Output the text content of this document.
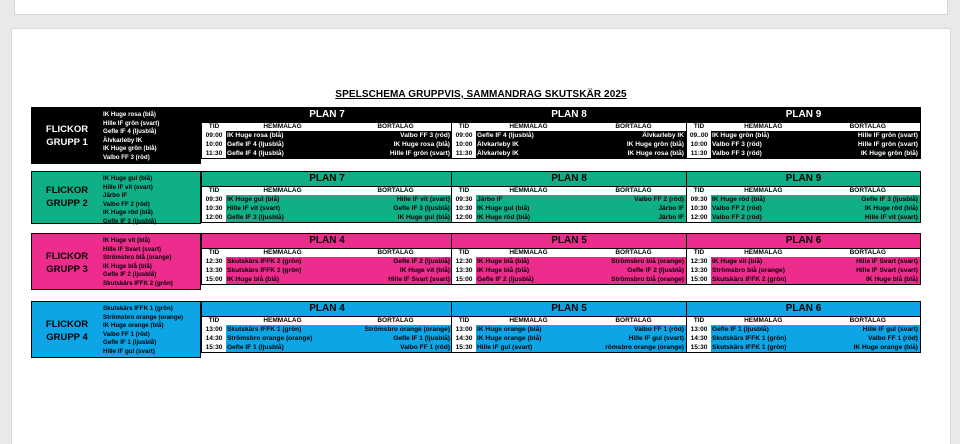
SPELSCHEMA GRUPPVIS, SAMMANDRAG SKUTSKÄR 2025
FLICKOR
GRUPP 1
IK Huge rosa (blå)
Hille IF grön (svart)
Gefle IF 4 (ljusblå)
Älvkarleby IK
IK Huge grön (blå)
Valbo FF 3 (röd)
PLAN 7
TID	HEMMALAG	BORTALAG
09:00 IK Huge rosa (blå)	Valbo FF 3 (röd)
10:00 Gefle IF 4 (ljusblå)	IK Huge rosa (blå)
11:30 Gefle IF 4 (ljusblå)	Hille IF grön (svart)
PLAN 8
TID	HEMMALAG	BORTALAG
09:00 Gefle IF 4 (ljusblå)	Älvkarleby IK
10:00 Älvkarleby IK	IK Huge grön (blå)
11:30 Älvkarleby IK	IK Huge rosa (blå)
PLAN 9
TID	HEMMALAG	BORTALAG
09..00 IK Huge grön (blå)	Hille IF grön (svart)
10:00 Valbo FF 3 (röd)	Hille IF grön (svart)
11:30 Valbo FF 3 (röd)	IK Huge grön (blå)
FLICKOR
GRUPP 2
IK Huge gul (blå)
Hille IF vit (svart)
Järbo IF
Valbo FF 2 (röd)
IK Huge röd (blå)
Gefle IF 3 (ljusblå)
PLAN 7
TID	HEMMALAG	BORTALAG
09:30 IK Huge gul (blå)	Hille IF vit (svart)
10:30 Hille IF vit (svart)	Gefle IF 3 (ljusblå)
12:00 Gefle IF 3 (ljusblå)	IK Huge gul (blå)
PLAN 8
TID	HEMMALAG	BORTALAG
09:30 Järbo IF	Valbo FF 2 (röd)
10:30 IK Huge gul (blå)	Järbo IF
12:00 IK Huge röd (blå)	Järbo IF
PLAN 9
TID	HEMMALAG	BORTALAG
09:30 IK Huge röd (blå)	Gefle IF 3 (ljusblå)
10:30 Valbo FF 2 (röd)	IK Huge röd (blå)
12:00 Valbo FF 2 (röd)	Hille IF vit (svart)
FLICKOR
GRUPP 3
IK Huge vit (blå)
Hille IF Svart (svart)
Strömsbro blå (orange)
IK Huge blå (blå)
Gefle IF 2 (ljusblå)
Skutskärs IFFK 2 (grön)
PLAN 4
TID	HEMMALAG	BORTALAG
12:30 Skutskärs IFFK 2 (grön)	Gefle IF 2 (ljusblå)
13:30 Skutskärs IFFK 2 (grön)	IK Huge vit (blå)
15:00 IK Huge blå (blå)	Hille IF Svart (svart)
PLAN 5
TID	HEMMALAG	BORTALAG
12:30 IK Huge blå (blå)	Strömsbro blå (orange)
13:30 IK Huge blå (blå)	Gefle IF 2 (ljusblå)
15:00 Gefle IF 2 (ljusblå)	Strömsbro blå (orange)
PLAN 6
TID	HEMMALAG	BORTALAG
12:30 IK Huge vit (blå)	Hille IF Svart (svart)
13:30 Strömsbro blå (orange)	Hille IF Svart (svart)
15:00 Skutskärs IFFK 2 (grön)	IK Huge blå (blå)
FLICKOR
GRUPP 4
Skutskärs IFFK 1 (grön)
Strömsbro orange (orange)
IK Huge orange (blå)
Valbo FF 1 (röd)
Gefle IF 1 (ljusblå)
Hille IF gul (svart)
PLAN 4
TID	HEMMALAG	BORTALAG
13:00 Skutskärs IFFK 1 (grön)	Strömsbro orange (orange)
14:30 Strömsbro orange (orange)	Gefle IF 1 (ljusblå)
15:30 Gefle IF 1 (ljusblå)	Valbo FF 1 (röd)
PLAN 5
TID	HEMMALAG	BORTALAG
13:00 IK Huge orange (blå)	Valbo FF 1 (röd)
14:30 IK Huge orange (blå)	Hille IF gul (svart)
15:30 Hille IF gul (svart)	römsbro orange (orange)
PLAN 6
TID	HEMMALAG	BORTALAG
13:00 Gefle IF 1 (ljusblå)	Hille IF gul (svart)
14:30 Skutskärs IFFK 1 (grön)	Valbo FF 1 (röd)
15:30 Skutskärs IFFK 1 (grön)	IK Huge orange (blå)
